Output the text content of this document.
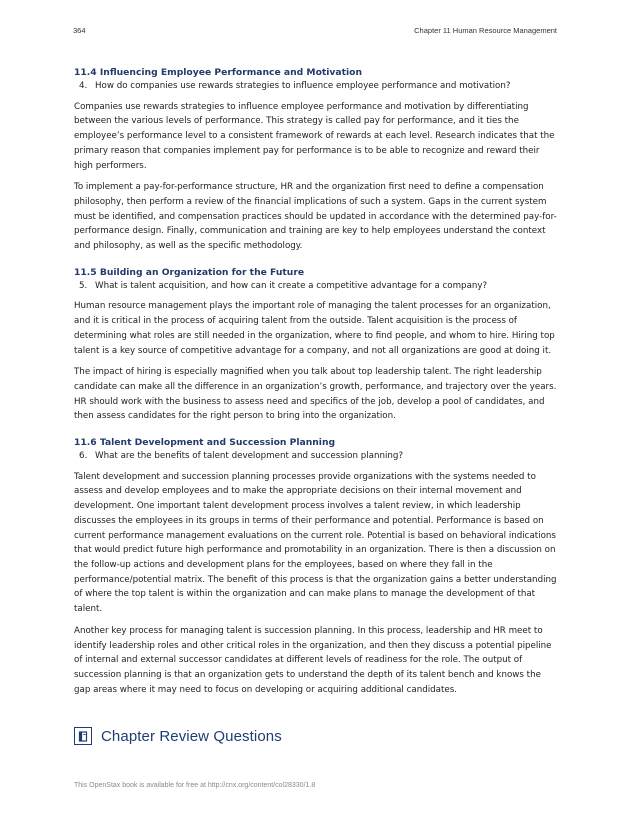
364	Chapter 11 Human Resource Management
11.4 Influencing Employee Performance and Motivation
4. How do companies use rewards strategies to influence employee performance and motivation?

Companies use rewards strategies to influence employee performance and motivation by differentiating between the various levels of performance. This strategy is called pay for performance, and it ties the employee’s performance level to a consistent framework of rewards at each level. Research indicates that the primary reason that companies implement pay for performance is to be able to recognize and reward their high performers.

To implement a pay-for-performance structure, HR and the organization first need to define a compensation philosophy, then perform a review of the financial implications of such a system. Gaps in the current system must be identified, and compensation practices should be updated in accordance with the determined pay-for-performance design. Finally, communication and training are key to help employees understand the context and philosophy, as well as the specific methodology.

11.5 Building an Organization for the Future
5. What is talent acquisition, and how can it create a competitive advantage for a company?

Human resource management plays the important role of managing the talent processes for an organization, and it is critical in the process of acquiring talent from the outside. Talent acquisition is the process of determining what roles are still needed in the organization, where to find people, and whom to hire. Hiring top talent is a key source of competitive advantage for a company, and not all organizations are good at doing it.

The impact of hiring is especially magnified when you talk about top leadership talent. The right leadership candidate can make all the difference in an organization’s growth, performance, and trajectory over the years. HR should work with the business to assess need and specifics of the job, develop a pool of candidates, and then assess candidates for the right person to bring into the organization.

11.6 Talent Development and Succession Planning
6. What are the benefits of talent development and succession planning?

Talent development and succession planning processes provide organizations with the systems needed to assess and develop employees and to make the appropriate decisions on their internal movement and development. One important talent development process involves a talent review, in which leadership discusses the employees in its groups in terms of their performance and potential. Performance is based on current performance management evaluations on the current role. Potential is based on behavioral indications that would predict future high performance and promotability in an organization. There is then a discussion on the follow-up actions and development plans for the employees, based on where they fall in the performance/potential matrix. The benefit of this process is that the organization gains a better understanding of where the top talent is within the organization and can make plans to manage the development of that talent.

Another key process for managing talent is succession planning. In this process, leadership and HR meet to identify leadership roles and other critical roles in the organization, and then they discuss a potential pipeline of internal and external successor candidates at different levels of readiness for the role. The output of succession planning is that an organization gets to understand the depth of its talent bench and knows the gap areas where it may need to focus on developing or acquiring additional candidates.

Chapter Review Questions
This OpenStax book is available for free at http://cnx.org/content/col28330/1.8
